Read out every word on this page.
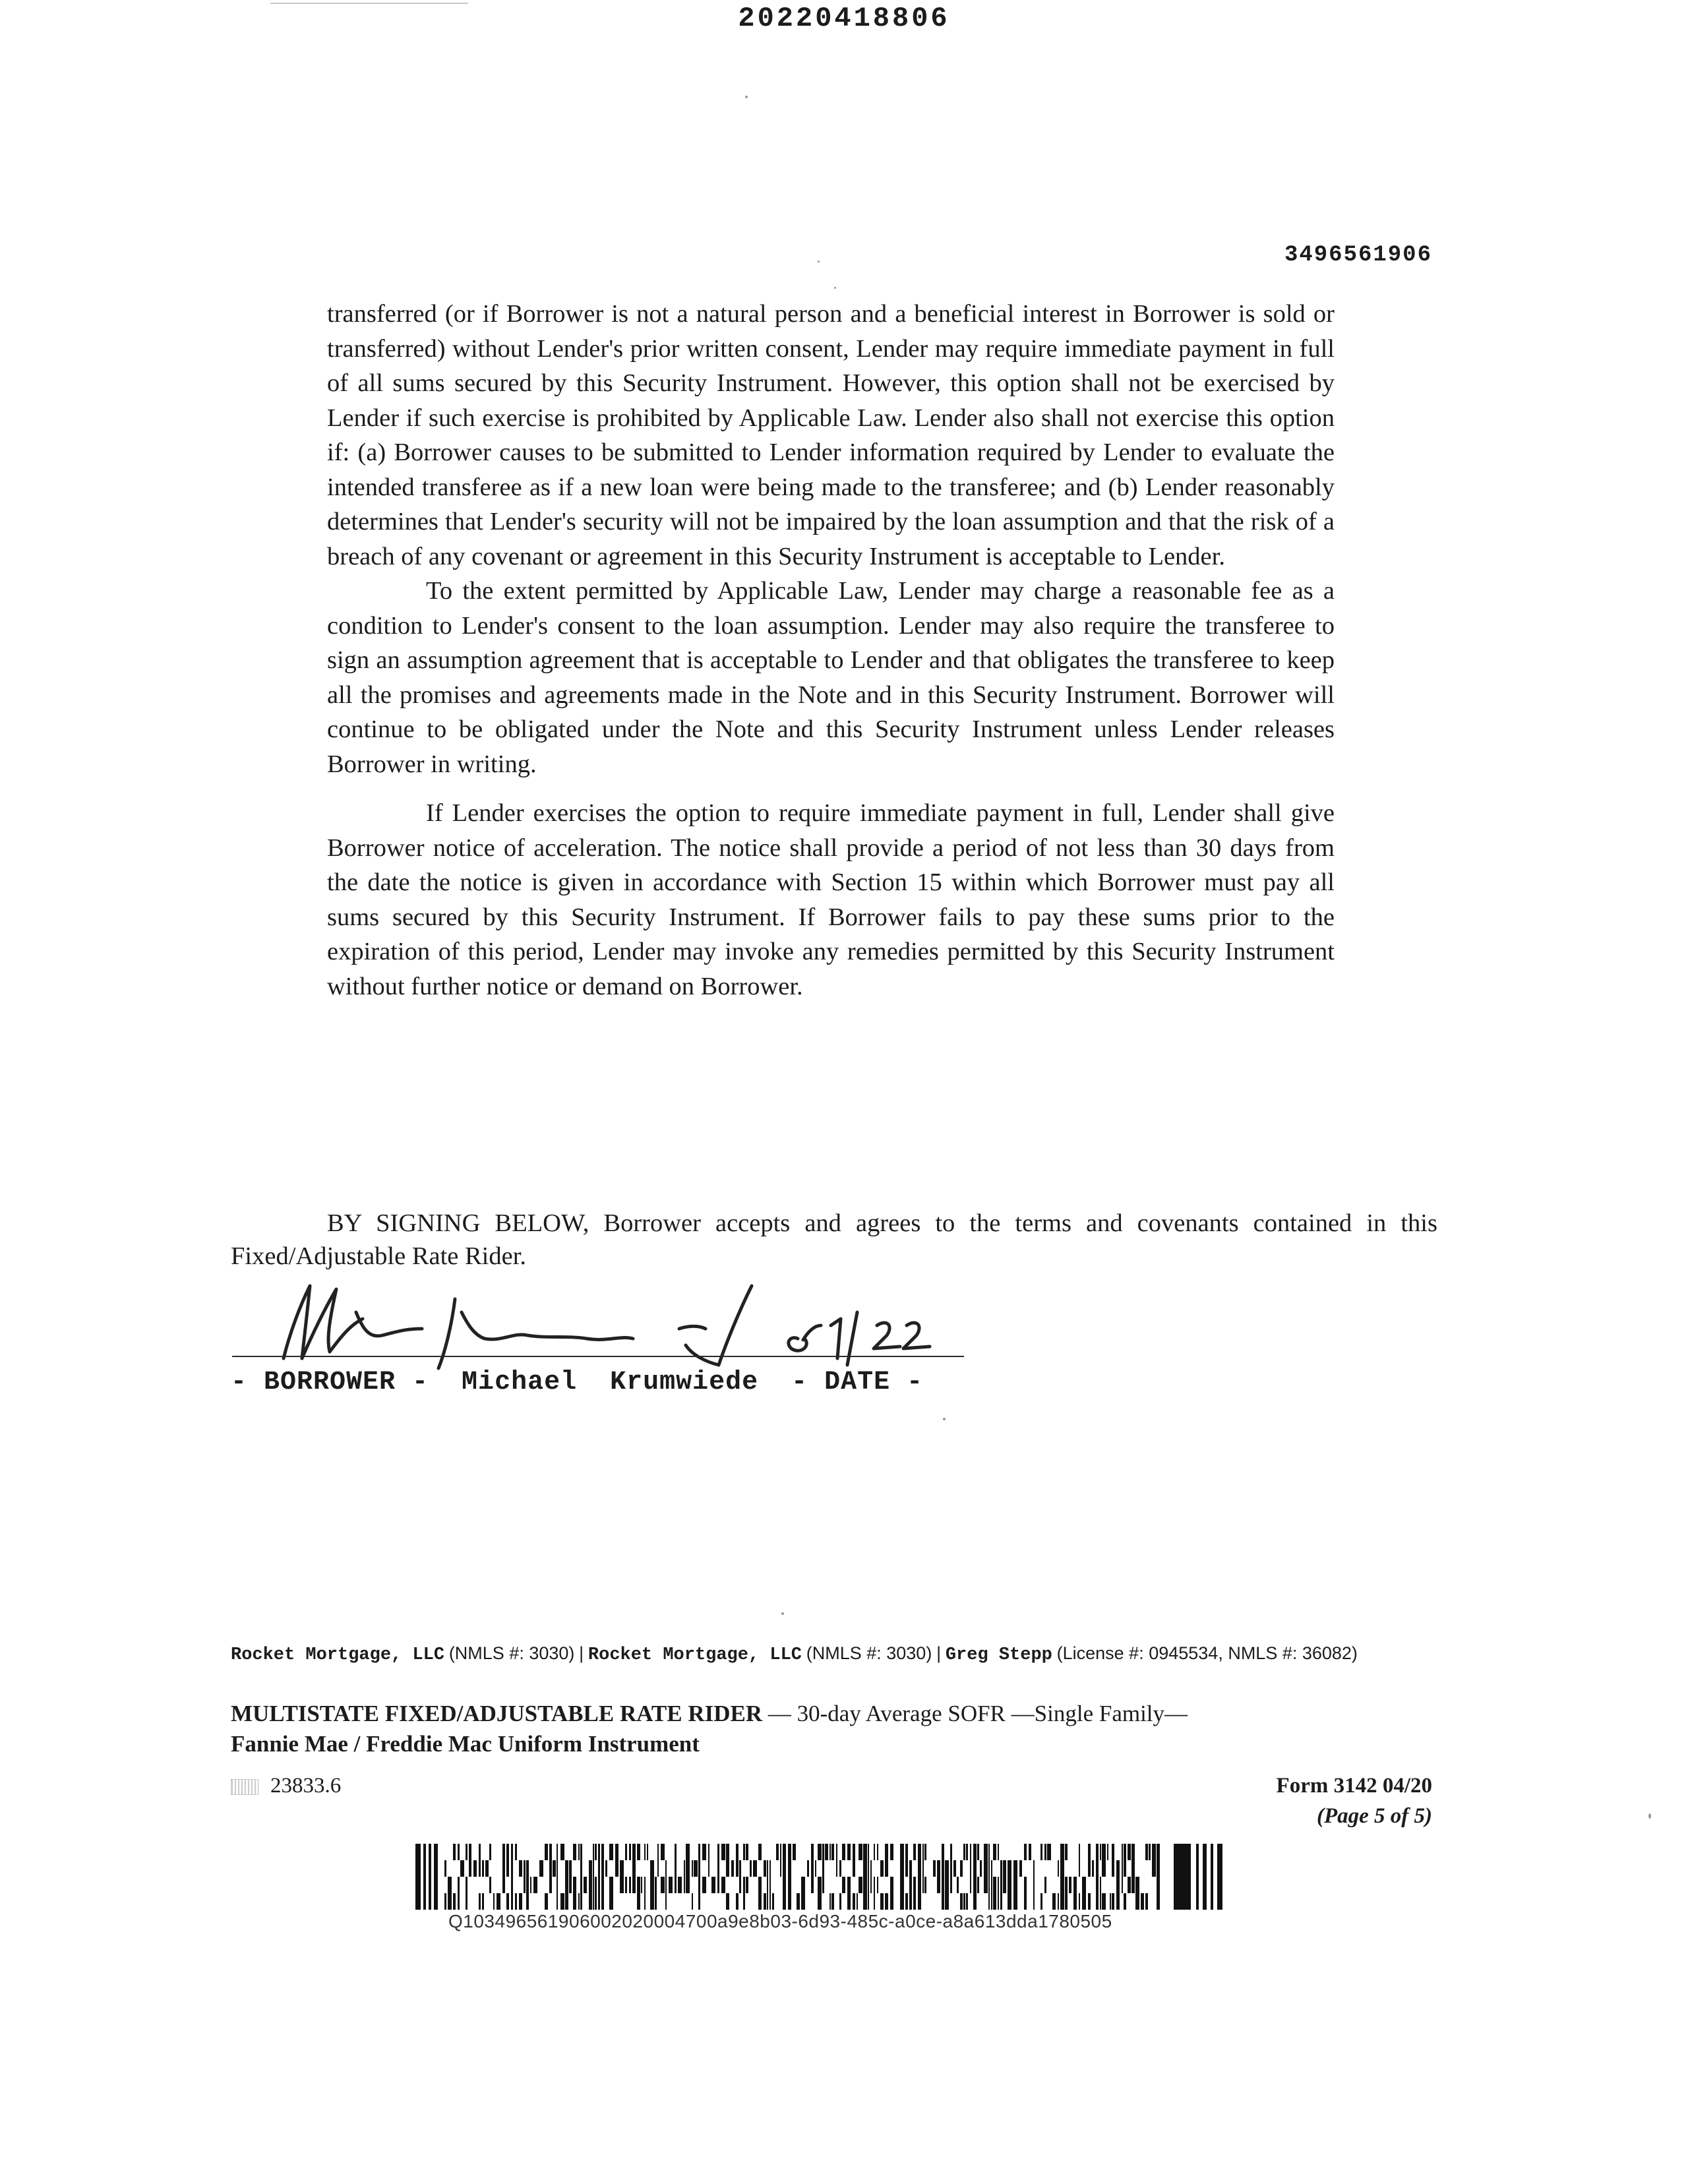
20220418806
3496561906

transferred (or if Borrower is not a natural person and a beneficial interest in Borrower is sold or transferred) without Lender's prior written consent, Lender may require immediate payment in full of all sums secured by this Security Instrument. However, this option shall not be exercised by Lender if such exercise is prohibited by Applicable Law. Lender also shall not exercise this option if: (a) Borrower causes to be submitted to Lender information required by Lender to evaluate the intended transferee as if a new loan were being made to the transferee; and (b) Lender reasonably determines that Lender's security will not be impaired by the loan assumption and that the risk of a breach of any covenant or agreement in this Security Instrument is acceptable to Lender.

To the extent permitted by Applicable Law, Lender may charge a reasonable fee as a condition to Lender's consent to the loan assumption. Lender may also require the transferee to sign an assumption agreement that is acceptable to Lender and that obligates the transferee to keep all the promises and agreements made in the Note and in this Security Instrument. Borrower will continue to be obligated under the Note and this Security Instrument unless Lender releases Borrower in writing.

If Lender exercises the option to require immediate payment in full, Lender shall give Borrower notice of acceleration. The notice shall provide a period of not less than 30 days from the date the notice is given in accordance with Section 15 within which Borrower must pay all sums secured by this Security Instrument. If Borrower fails to pay these sums prior to the expiration of this period, Lender may invoke any remedies permitted by this Security Instrument without further notice or demand on Borrower.

BY SIGNING BELOW, Borrower accepts and agrees to the terms and covenants contained in this Fixed/Adjustable Rate Rider.
- BORROWER -  Michael  Krumwiede  - DATE -
Rocket Mortgage, LLC (NMLS #: 3030) | Rocket Mortgage, LLC (NMLS #: 3030) | Greg Stepp (License #: 0945534, NMLS #: 36082)
MULTISTATE FIXED/ADJUSTABLE RATE RIDER — 30-day Average SOFR —Single Family—
Fannie Mae / Freddie Mac Uniform Instrument
23833.6	Form 3142 04/20
(Page 5 of 5)
Q103496561906002020004700a9e8b03-6d93-485c-a0ce-a8a613dda1780505
